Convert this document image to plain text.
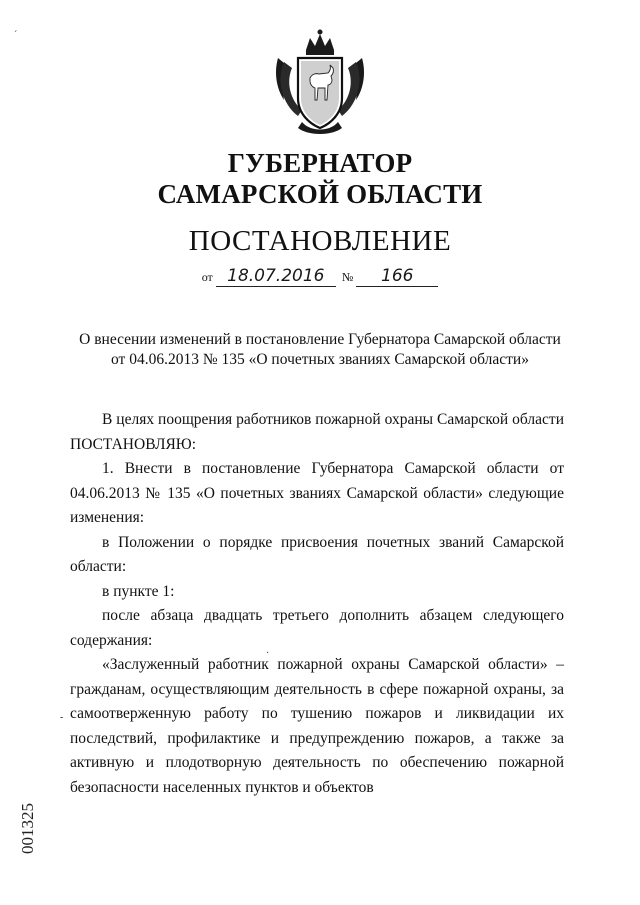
ГУБЕРНАТОР
САМАРСКОЙ ОБЛАСТИ
ПОСТАНОВЛЕНИЕ
от 18.07.2016 № 166
О внесении изменений в постановление Губернатора Самарской области
от 04.06.2013 № 135 «О почетных званиях Самарской области»

В целях поощрения работников пожарной охраны Самарской области ПОСТАНОВЛЯЮ:

1. Внести в постановление Губернатора Самарской области от 04.06.2013 № 135 «О почетных званиях Самарской области» следующие изменения:

в Положении о порядке присвоения почетных званий Самарской области:

в пункте 1:

после абзаца двадцать третьего дополнить абзацем следующего содержания:

«Заслуженный работник пожарной охраны Самарской области» – гражданам, осуществляющим деятельность в сфере пожарной охраны, за самоотверженную работу по тушению пожаров и ликвидации их последствий, профилактике и предупреждению пожаров, а также за активную и плодотворную деятельность по обеспечению пожарной безопасности населенных пунктов и объектов

001325
ˊ
·
-
